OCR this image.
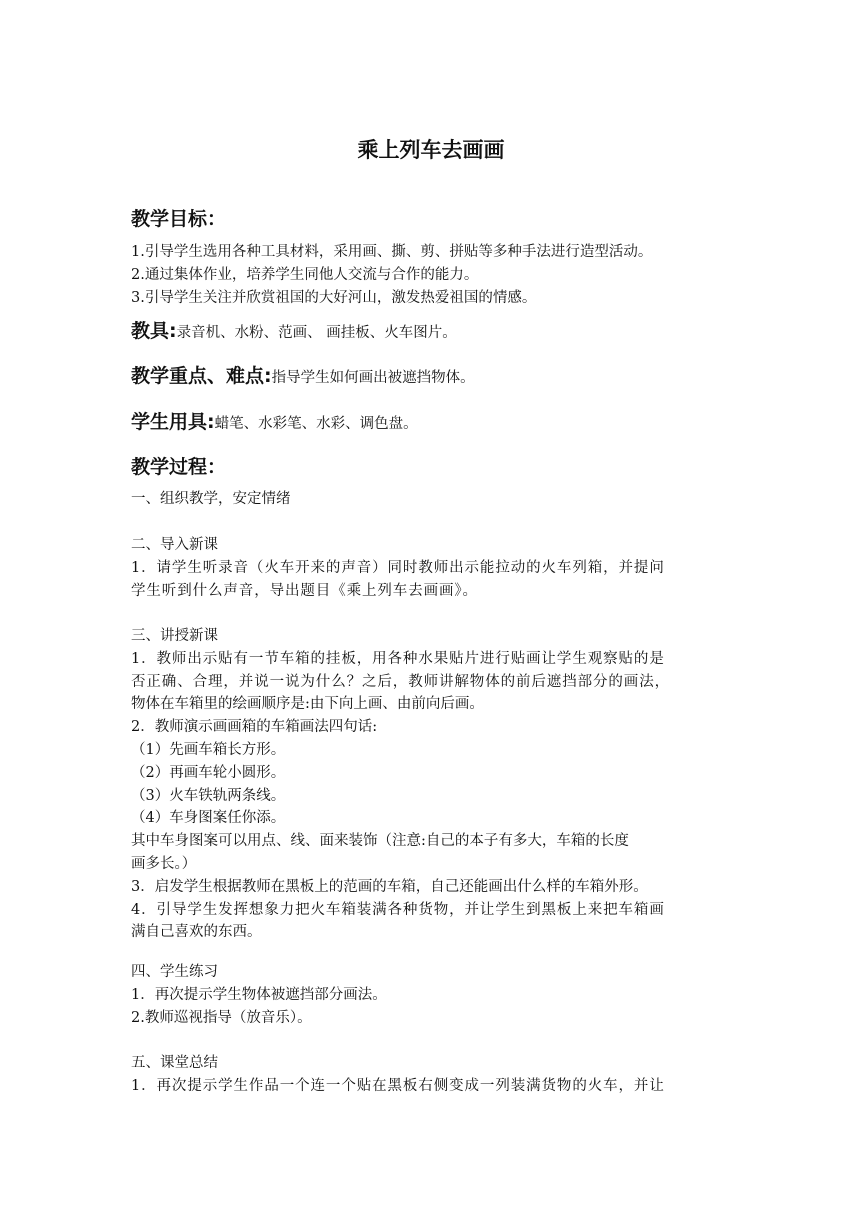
乘上列车去画画
教学目标：
1.引导学生选用各种工具材料，采用画、撕、剪、拼贴等多种手法进行造型活动。
2.通过集体作业，培养学生同他人交流与合作的能力。
3.引导学生关注并欣赏祖国的大好河山，激发热爱祖国的情感。
教具:录音机、水粉、范画、 画挂板、火车图片。
教学重点、难点:指导学生如何画出被遮挡物体。
学生用具:蜡笔、水彩笔、水彩、调色盘。
教学过程：
一、组织教学，安定情绪
二、导入新课
1．请学生听录音（火车开来的声音）同时教师出示能拉动的火车列箱，并提问
学生听到什么声音，导出题目《乘上列车去画画》。
三、讲授新课
1．教师出示贴有一节车箱的挂板，用各种水果贴片进行贴画让学生观察贴的是
否正确、合理，并说一说为什么？之后，教师讲解物体的前后遮挡部分的画法，
物体在车箱里的绘画顺序是:由下向上画、由前向后画。
2．教师演示画画箱的车箱画法四句话:
（1）先画车箱长方形。
（2）再画车轮小圆形。
（3）火车铁轨两条线。
（4）车身图案任你添。
其中车身图案可以用点、线、面来装饰（注意:自己的本子有多大，车箱的长度
画多长。）
3．启发学生根据教师在黑板上的范画的车箱，自己还能画出什么样的车箱外形。
4．引导学生发挥想象力把火车箱装满各种货物，并让学生到黑板上来把车箱画
满自己喜欢的东西。
四、学生练习
1．再次提示学生物体被遮挡部分画法。
2.教师巡视指导（放音乐）。
五、课堂总结
1．再次提示学生作品一个连一个贴在黑板右侧变成一列装满货物的火车，并让
